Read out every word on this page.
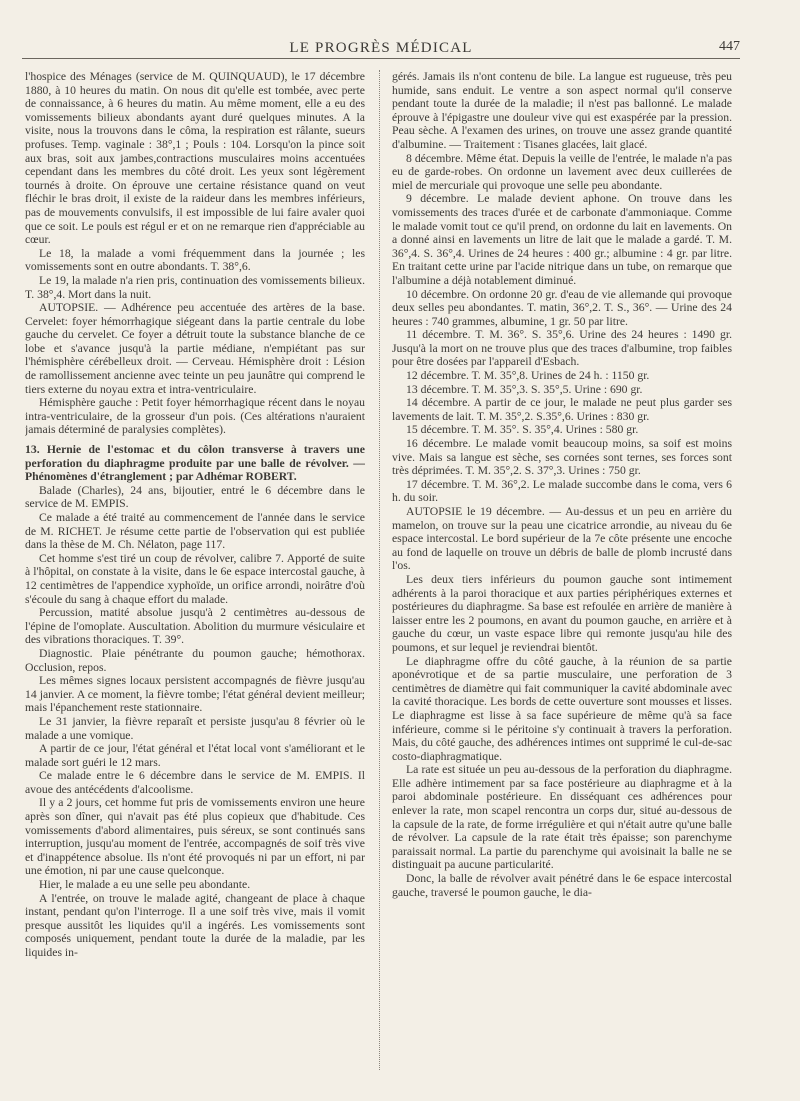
LE PROGRÈS MÉDICAL	447

l'hospice des Ménages (service de M. QUINQUAUD), le 17 décembre 1880, à 10 heures du matin. On nous dit qu'elle est tombée, avec perte de connaissance, à 6 heures du matin. Au même moment, elle a eu des vomissements bilieux abondants ayant duré quelques minutes. A la visite, nous la trouvons dans le côma, la respiration est râlante, sueurs profuses. Temp. vaginale : 38°,1 ; Pouls : 104. Lorsqu'on la pince soit aux bras, soit aux jambes,contractions musculaires moins accentuées cependant dans les membres du côté droit. Les yeux sont légèrement tournés à droite. On éprouve une certaine résistance quand on veut fléchir le bras droit, il existe de la raideur dans les membres inférieurs, pas de mouvements convulsifs, il est impossible de lui faire avaler quoi que ce soit. Le pouls est régul er et on ne remarque rien d'appréciable au cœur.

Le 18, la malade a vomi fréquemment dans la journée ; les vomissements sont en outre abondants. T. 38°,6.

Le 19, la malade n'a rien pris, continuation des vomissements bilieux. T. 38°,4. Mort dans la nuit.

AUTOPSIE. — Adhérence peu accentuée des artères de la base. Cervelet: foyer hémorrhagique siégeant dans la partie centrale du lobe gauche du cervelet. Ce foyer a détruit toute la substance blanche de ce lobe et s'avance jusqu'à la partie médiane, n'empiétant pas sur l'hémisphère cérébelleux droit. — Cerveau. Hémisphère droit : Lésion de ramollissement ancienne avec teinte un peu jaunâtre qui comprend le tiers externe du noyau extra et intra-ventriculaire.

Hémisphère gauche : Petit foyer hémorrhagique récent dans le noyau intra-ventriculaire, de la grosseur d'un pois. (Ces altérations n'auraient jamais déterminé de paralysies complètes).

13. Hernie de l'estomac et du côlon transverse à travers une perforation du diaphragme produite par une balle de révolver. — Phénomènes d'étranglement ; par Adhémar ROBERT.

Balade (Charles), 24 ans, bijoutier, entré le 6 décembre dans le service de M. EMPIS.

Ce malade a été traité au commencement de l'année dans le service de M. RICHET. Je résume cette partie de l'observation qui est publiée dans la thèse de M. Ch. Nélaton, page 117.

Cet homme s'est tiré un coup de révolver, calibre 7. Apporté de suite à l'hôpital, on constate à la visite, dans le 6e espace intercostal gauche, à 12 centimètres de l'appendice xyphoïde, un orifice arrondi, noirâtre d'où s'écoule du sang à chaque effort du malade.

Percussion, matité absolue jusqu'à 2 centimètres au-dessous de l'épine de l'omoplate. Auscultation. Abolition du murmure vésiculaire et des vibrations thoraciques. T. 39°.

Diagnostic. Plaie pénétrante du poumon gauche; hémothorax. Occlusion, repos.

Les mêmes signes locaux persistent accompagnés de fièvre jusqu'au 14 janvier. A ce moment, la fièvre tombe; l'état général devient meilleur; mais l'épanchement reste stationnaire.

Le 31 janvier, la fièvre reparaît et persiste jusqu'au 8 février où le malade a une vomique.

A partir de ce jour, l'état général et l'état local vont s'améliorant et le malade sort guéri le 12 mars.

Ce malade entre le 6 décembre dans le service de M. EMPIS. Il avoue des antécédents d'alcoolisme.

Il y a 2 jours, cet homme fut pris de vomissements environ une heure après son dîner, qui n'avait pas été plus copieux que d'habitude. Ces vomissements d'abord alimentaires, puis séreux, se sont continués sans interruption, jusqu'au moment de l'entrée, accompagnés de soif très vive et d'inappétence absolue. Ils n'ont été provoqués ni par un effort, ni par une émotion, ni par une cause quelconque.

Hier, le malade a eu une selle peu abondante.

A l'entrée, on trouve le malade agité, changeant de place à chaque instant, pendant qu'on l'interroge. Il a une soif très vive, mais il vomit presque aussitôt les liquides qu'il a ingérés. Les vomissements sont composés uniquement, pendant toute la durée de la maladie, par les liquides in-

gérés. Jamais ils n'ont contenu de bile. La langue est rugueuse, très peu humide, sans enduit. Le ventre a son aspect normal qu'il conserve pendant toute la durée de la maladie; il n'est pas ballonné. Le malade éprouve à l'épigastre une douleur vive qui est exaspérée par la pression. Peau sèche. A l'examen des urines, on trouve une assez grande quantité d'albumine. — Traitement : Tisanes glacées, lait glacé.

8 décembre. Même état. Depuis la veille de l'entrée, le malade n'a pas eu de garde-robes. On ordonne un lavement avec deux cuillerées de miel de mercuriale qui provoque une selle peu abondante.

9 décembre. Le malade devient aphone. On trouve dans les vomissements des traces d'urée et de carbonate d'ammoniaque. Comme le malade vomit tout ce qu'il prend, on ordonne du lait en lavements. On a donné ainsi en lavements un litre de lait que le malade a gardé. T. M. 36°,4. S. 36°,4. Urines de 24 heures : 400 gr.; albumine : 4 gr. par litre. En traitant cette urine par l'acide nitrique dans un tube, on remarque que l'albumine a déjà notablement diminué.

10 décembre. On ordonne 20 gr. d'eau de vie allemande qui provoque deux selles peu abondantes. T. matin, 36°,2. T. S., 36°. — Urine des 24 heures : 740 grammes, albumine, 1 gr. 50 par litre.

11 décembre. T. M. 36°. S. 35°,6. Urine des 24 heures : 1490 gr. Jusqu'à la mort on ne trouve plus que des traces d'albumine, trop faibles pour être dosées par l'appareil d'Esbach.

12 décembre. T. M. 35°,8. Urines de 24 h. : 1150 gr.

13 décembre. T. M. 35°,3. S. 35°,5. Urine : 690 gr.

14 décembre. A partir de ce jour, le malade ne peut plus garder ses lavements de lait. T. M. 35°,2. S.35°,6. Urines : 830 gr.

15 décembre. T. M. 35°. S. 35°,4. Urines : 580 gr.

16 décembre. Le malade vomit beaucoup moins, sa soif est moins vive. Mais sa langue est sèche, ses cornées sont ternes, ses forces sont très déprimées. T. M. 35°,2. S. 37°,3. Urines : 750 gr.

17 décembre. T. M. 36°,2. Le malade succombe dans le coma, vers 6 h. du soir.

AUTOPSIE le 19 décembre. — Au-dessus et un peu en arrière du mamelon, on trouve sur la peau une cicatrice arrondie, au niveau du 6e espace intercostal. Le bord supérieur de la 7e côte présente une encoche au fond de laquelle on trouve un débris de balle de plomb incrusté dans l'os.

Les deux tiers inférieurs du poumon gauche sont intimement adhérents à la paroi thoracique et aux parties périphériques externes et postérieures du diaphragme. Sa base est refoulée en arrière de manière à laisser entre les 2 poumons, en avant du poumon gauche, en arrière et à gauche du cœur, un vaste espace libre qui remonte jusqu'au hile des poumons, et sur lequel je reviendrai bientôt.

Le diaphragme offre du côté gauche, à la réunion de sa partie aponévrotique et de sa partie musculaire, une perforation de 3 centimètres de diamètre qui fait communiquer la cavité abdominale avec la cavité thoracique. Les bords de cette ouverture sont mousses et lisses. Le diaphragme est lisse à sa face supérieure de même qu'à sa face inférieure, comme si le péritoine s'y continuait à travers la perforation. Mais, du côté gauche, des adhérences intimes ont supprimé le cul-de-sac costo-diaphragmatique.

La rate est située un peu au-dessous de la perforation du diaphragme. Elle adhère intimement par sa face postérieure au diaphragme et à la paroi abdominale postérieure. En disséquant ces adhérences pour enlever la rate, mon scapel rencontra un corps dur, situé au-dessous de la capsule de la rate, de forme irrégulière et qui n'était autre qu'une balle de révolver. La capsule de la rate était très épaisse; son parenchyme paraissait normal. La partie du parenchyme qui avoisinait la balle ne se distinguait pa aucune particularité.

Donc, la balle de révolver avait pénétré dans le 6e espace intercostal gauche, traversé le poumon gauche, le dia-
